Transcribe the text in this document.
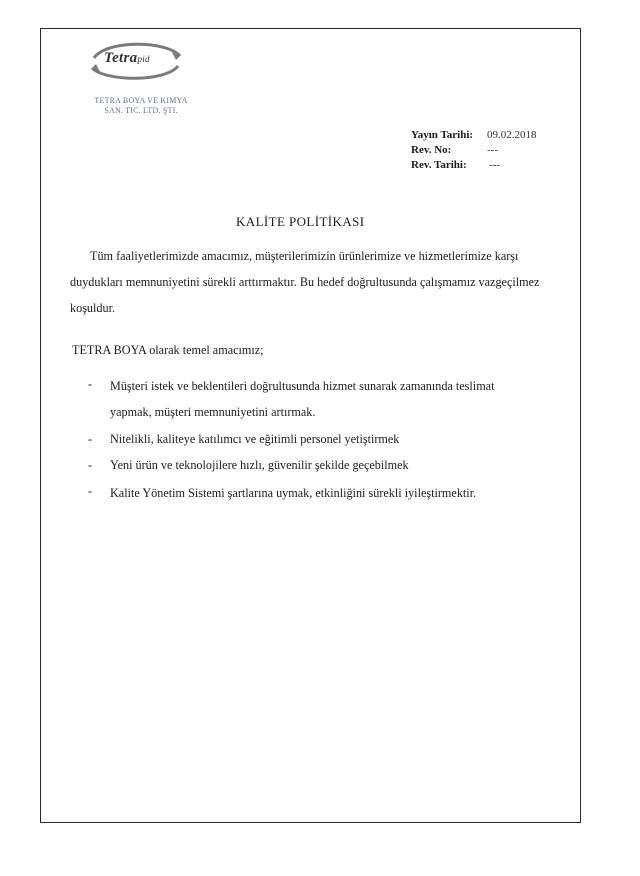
Tetrapid
TETRA BOYA VE KIMYA
SAN. TIC. LTD. ŞTI.
Yayın Tarihi: 09.02.2018
Rev. No:	---
Rev. Tarihi: ---
KALİTE POLİTİKASI

Tüm faaliyetlerimizde amacımız, müşterilerimizin ürünlerimize ve hizmetlerimize karşı duydukları memnuniyetini sürekli arttırmaktır. Bu hedef doğrultusunda çalışmamız vazgeçilmez koşuldur.

TETRA BOYA olarak temel amacımız;
- Müşteri istek ve beklentileri doğrultusunda hizmet sunarak zamanında teslimat yapmak, müşteri memnuniyetini artırmak.
- Nitelikli, kaliteye katılımcı ve eğitimli personel yetiştirmek
- Yeni ürün ve teknolojilere hızlı, güvenilir şekilde geçebilmek
- Kalite Yönetim Sistemi şartlarına uymak, etkinliğini sürekli iyileştirmektir.
